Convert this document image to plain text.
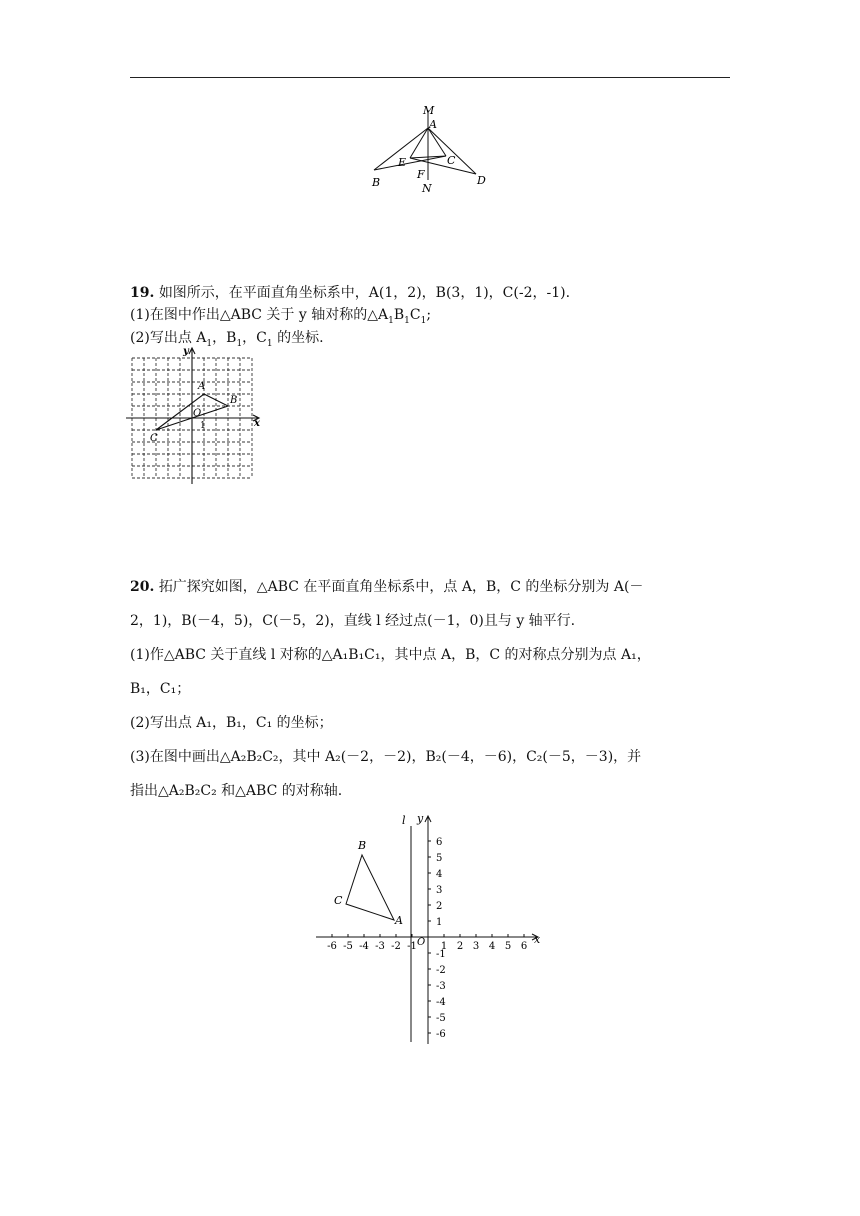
M
A
E	C
F
B	N
D
19. 如图所示，在平面直角坐标系中，A(1，2)，B(3，1)，C(-2，-1).
(1)在图中作出△ABC 关于 y 轴对称的$\triangle A_1B_1C_1$;
(2)写出点 $A_1$，$B_1$，$C_1$ 的坐标.
y
x
A
B
C
O
1

20. 拓广探究如图，△ABC 在平面直角坐标系中，点 A，B，C 的坐标分别为 A(－

2，1)，B(－4，5)，C(－5，2)，直线 l 经过点(－1，0)且与 y 轴平行.

(1)作△ABC 关于直线 l 对称的△A₁B₁C₁，其中点 A，B，C 的对称点分别为点 A₁，

B₁，C₁；

(2)写出点 A₁，B₁，C₁ 的坐标；

(3)在图中画出△A₂B₂C₂，其中 A₂(－2，－2)，B₂(－4，－6)，C₂(－5，－3)，并

指出△A₂B₂C₂ 和△ABC 的对称轴.

-6 -5 -4 -3 -2 -1 1 2 3 4 5 6
6
5
4
3
2
1
-1
-2
-3
-4
-5
-6
l y
x
O
A
B
C
